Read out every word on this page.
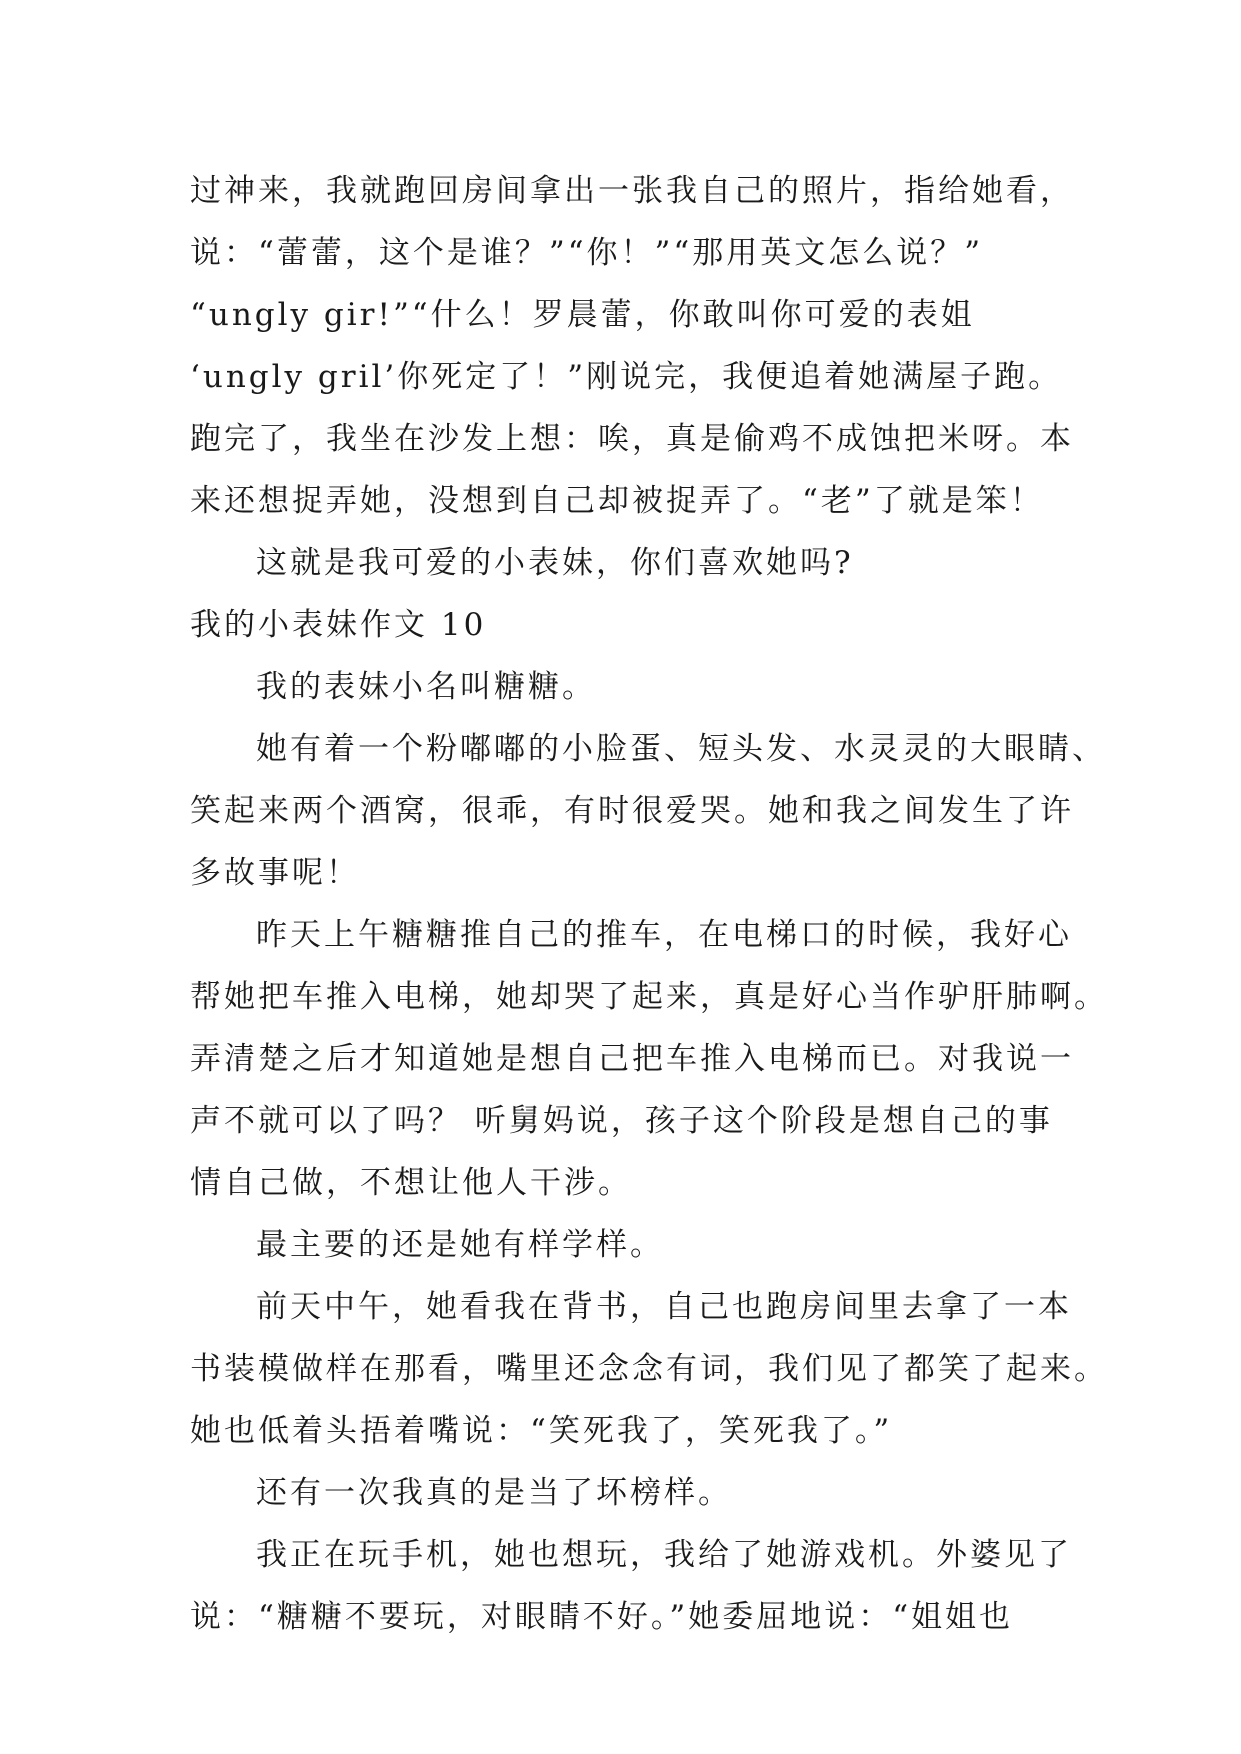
过神来，我就跑回房间拿出一张我自己的照片，指给她看，
说：“蕾蕾，这个是谁？”“你！”“那用英文怎么说？”
“ungly gir!”“什么！罗晨蕾，你敢叫你可爱的表姐
‘ungly gril’你死定了！”刚说完，我便追着她满屋子跑。
跑完了，我坐在沙发上想：唉，真是偷鸡不成蚀把米呀。本
来还想捉弄她，没想到自己却被捉弄了。“老”了就是笨！
这就是我可爱的小表妹，你们喜欢她吗?
我的小表妹作文 10
我的表妹小名叫糖糖。
她有着一个粉嘟嘟的小脸蛋、短头发、水灵灵的大眼睛、
笑起来两个酒窝，很乖，有时很爱哭。她和我之间发生了许
多故事呢！
昨天上午糖糖推自己的推车，在电梯口的时候，我好心
帮她把车推入电梯，她却哭了起来，真是好心当作驴肝肺啊。
弄清楚之后才知道她是想自己把车推入电梯而已。对我说一
声不就可以了吗？ 听舅妈说，孩子这个阶段是想自己的事
情自己做，不想让他人干涉。
最主要的还是她有样学样。
前天中午，她看我在背书，自己也跑房间里去拿了一本
书装模做样在那看，嘴里还念念有词，我们见了都笑了起来。
她也低着头捂着嘴说：“笑死我了，笑死我了。”
还有一次我真的是当了坏榜样。
我正在玩手机，她也想玩，我给了她游戏机。外婆见了
说：“糖糖不要玩，对眼睛不好。”她委屈地说：“姐姐也
